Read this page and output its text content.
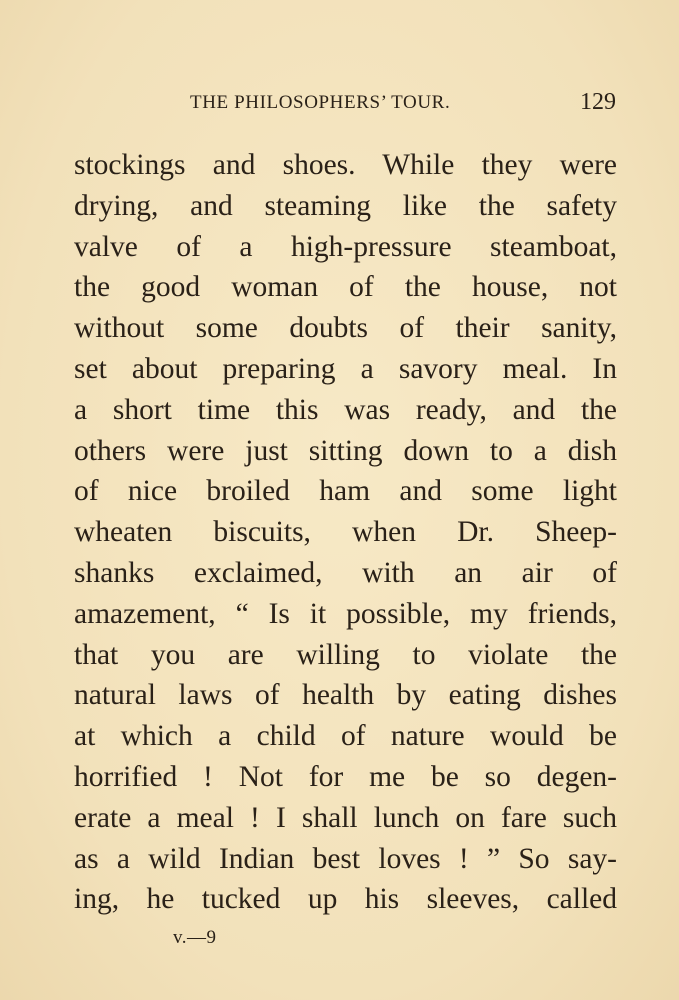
THE PHILOSOPHERS’ TOUR.	129
stockings and shoes. While they were
drying, and steaming like the safety
valve of a high-pressure steamboat,
the good woman of the house, not
without some doubts of their sanity,
set about preparing a savory meal. In
a short time this was ready, and the
others were just sitting down to a dish
of nice broiled ham and some light
wheaten biscuits, when Dr. Sheep-
shanks exclaimed, with an air of
amazement, “ Is it possible, my friends,
that you are willing to violate the
natural laws of health by eating dishes
at which a child of nature would be
horrified ! Not for me be so degen-
erate a meal ! I shall lunch on fare such
as a wild Indian best loves ! ” So say-
ing, he tucked up his sleeves, called
v.—9
